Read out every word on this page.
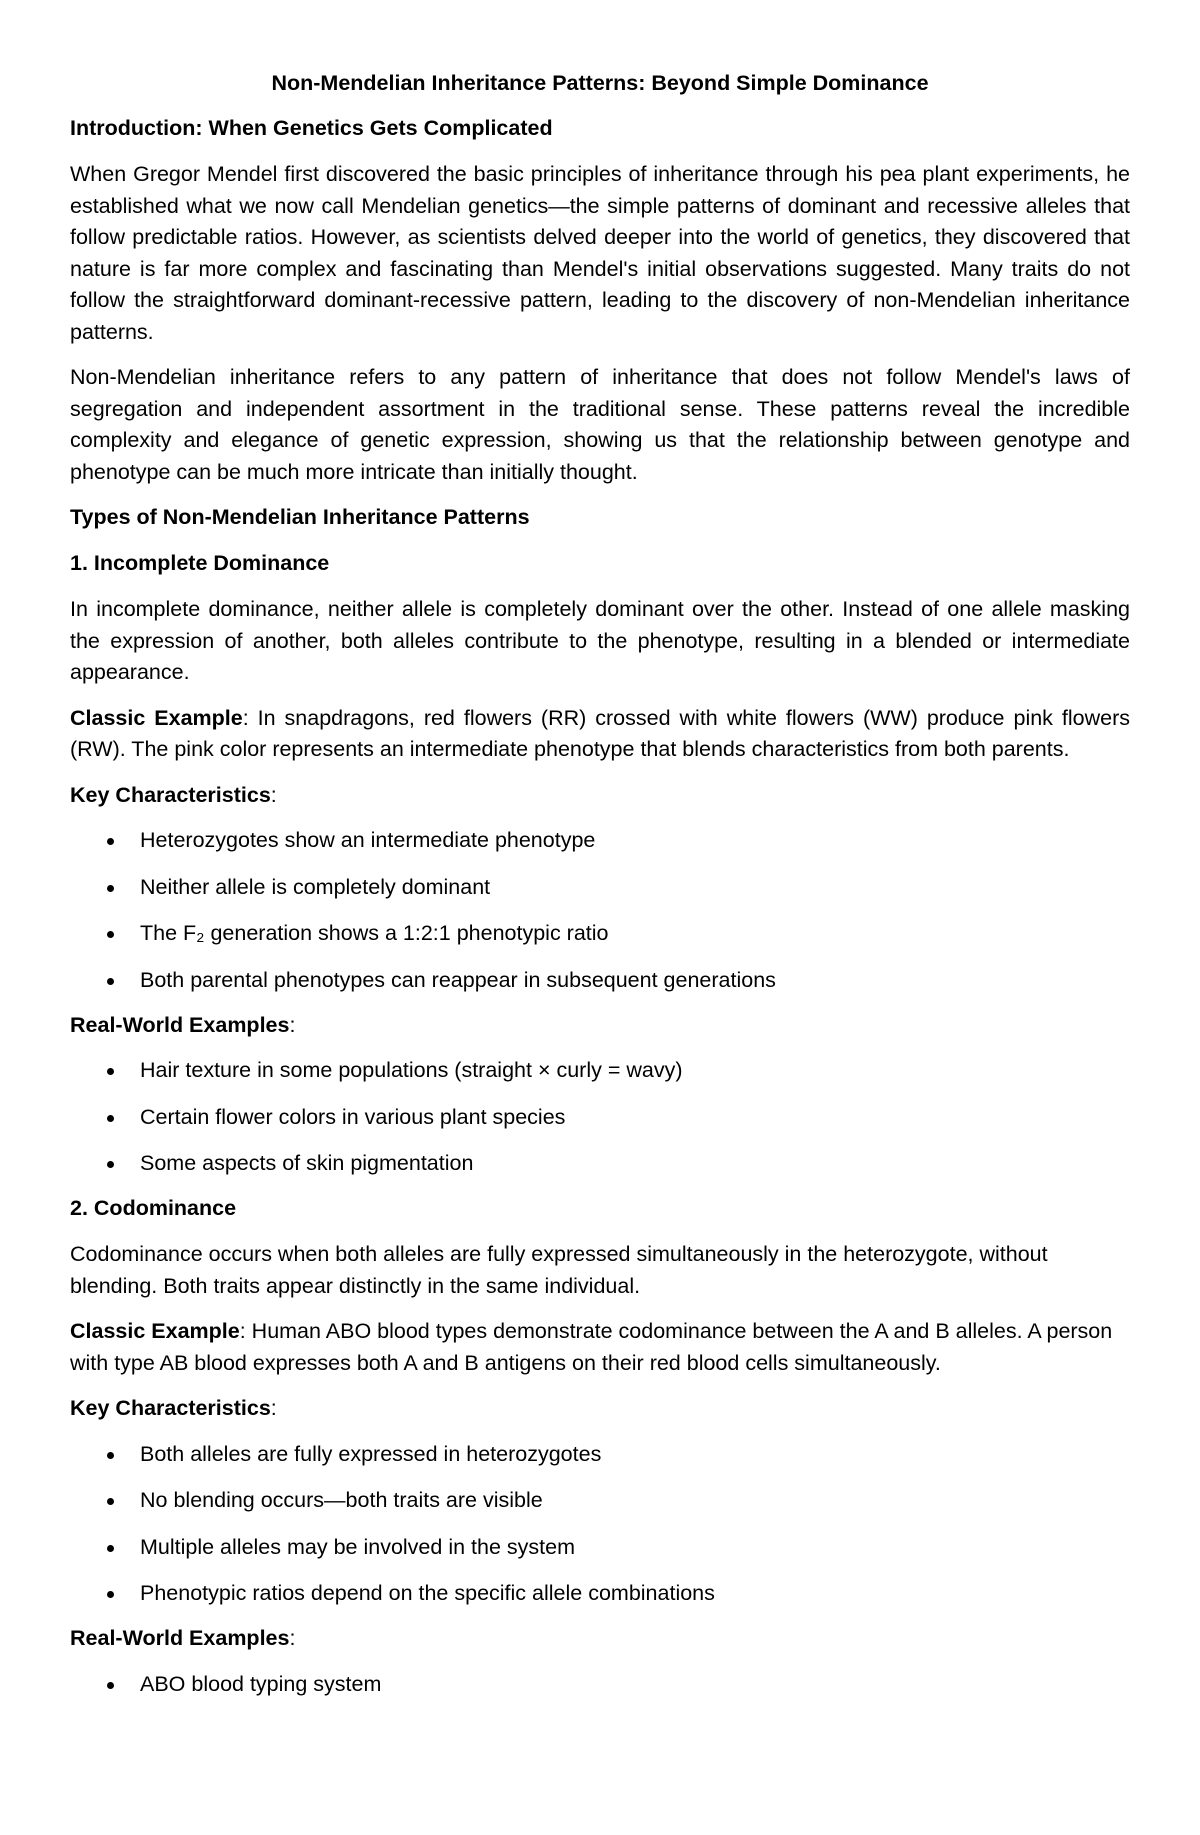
Non-Mendelian Inheritance Patterns: Beyond Simple Dominance
Introduction: When Genetics Gets Complicated

When Gregor Mendel first discovered the basic principles of inheritance through his pea plant experiments, he established what we now call Mendelian genetics—the simple patterns of dominant and recessive alleles that follow predictable ratios. However, as scientists delved deeper into the world of genetics, they discovered that nature is far more complex and fascinating than Mendel's initial observations suggested. Many traits do not follow the straightforward dominant-recessive pattern, leading to the discovery of non-Mendelian inheritance patterns.

Non-Mendelian inheritance refers to any pattern of inheritance that does not follow Mendel's laws of segregation and independent assortment in the traditional sense. These patterns reveal the incredible complexity and elegance of genetic expression, showing us that the relationship between genotype and phenotype can be much more intricate than initially thought.

Types of Non-Mendelian Inheritance Patterns
1. Incomplete Dominance

In incomplete dominance, neither allele is completely dominant over the other. Instead of one allele masking the expression of another, both alleles contribute to the phenotype, resulting in a blended or intermediate appearance.

Classic Example: In snapdragons, red flowers (RR) crossed with white flowers (WW) produce pink flowers (RW). The pink color represents an intermediate phenotype that blends characteristics from both parents.

Key Characteristics:

Heterozygotes show an intermediate phenotype
Neither allele is completely dominant
The F₂ generation shows a 1:2:1 phenotypic ratio
Both parental phenotypes can reappear in subsequent generations

Real-World Examples:

Hair texture in some populations (straight × curly = wavy)
Certain flower colors in various plant species
Some aspects of skin pigmentation
2. Codominance

Codominance occurs when both alleles are fully expressed simultaneously in the heterozygote, without blending. Both traits appear distinctly in the same individual.

Classic Example: Human ABO blood types demonstrate codominance between the A and B alleles. A person with type AB blood expresses both A and B antigens on their red blood cells simultaneously.

Key Characteristics:

Both alleles are fully expressed in heterozygotes
No blending occurs—both traits are visible
Multiple alleles may be involved in the system
Phenotypic ratios depend on the specific allele combinations

Real-World Examples:

ABO blood typing system
